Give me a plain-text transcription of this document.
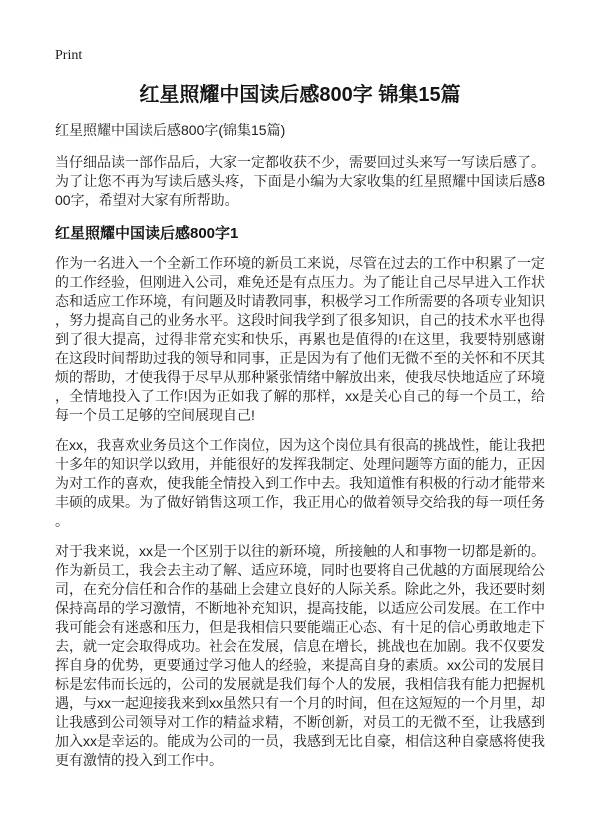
Print
红星照耀中国读后感800字 锦集15篇
红星照耀中国读后感800字(锦集15篇)

当仔细品读一部作品后，大家一定都收获不少，需要回过头来写一写读后感了。为了让您不再为写读后感头疼，下面是小编为大家收集的红星照耀中国读后感800字，希望对大家有所帮助。

红星照耀中国读后感800字1

作为一名进入一个全新工作环境的新员工来说，尽管在过去的工作中积累了一定的工作经验，但刚进入公司，难免还是有点压力。为了能让自己尽早进入工作状态和适应工作环境，有问题及时请教同事，积极学习工作所需要的各项专业知识，努力提高自己的业务水平。这段时间我学到了很多知识，自己的技术水平也得到了很大提高，过得非常充实和快乐，再累也是值得的!在这里，我要特别感谢在这段时间帮助过我的领导和同事，正是因为有了他们无微不至的关怀和不厌其烦的帮助，才使我得于尽早从那种紧张情绪中解放出来，使我尽快地适应了环境，全情地投入了工作!因为正如我了解的那样，xx是关心自己的每一个员工，给每一个员工足够的空间展现自己!

在xx，我喜欢业务员这个工作岗位，因为这个岗位具有很高的挑战性，能让我把十多年的知识学以致用，并能很好的发挥我制定、处理问题等方面的能力，正因为对工作的喜欢，使我能全情投入到工作中去。我知道惟有积极的行动才能带来丰硕的成果。为了做好销售这项工作，我正用心的做着领导交给我的每一项任务。

对于我来说，xx是一个区别于以往的新环境，所接触的人和事物一切都是新的。作为新员工，我会去主动了解、适应环境，同时也要将自己优越的方面展现给公司，在充分信任和合作的基础上会建立良好的人际关系。除此之外，我还要时刻保持高昂的学习激情，不断地补充知识，提高技能，以适应公司发展。在工作中我可能会有迷惑和压力，但是我相信只要能端正心态、有十足的信心勇敢地走下去，就一定会取得成功。社会在发展，信息在增长，挑战也在加剧。我不仅要发挥自身的优势，更要通过学习他人的经验，来提高自身的素质。xx公司的发展目标是宏伟而长远的，公司的发展就是我们每个人的发展，我相信我有能力把握机遇，与xx一起迎接我来到xx虽然只有一个月的时间，但在这短短的一个月里，却让我感到公司领导对工作的精益求精，不断创新，对员工的无微不至，让我感到加入xx是幸运的。能成为公司的一员，我感到无比自豪，相信这种自豪感将使我更有激情的投入到工作中。
